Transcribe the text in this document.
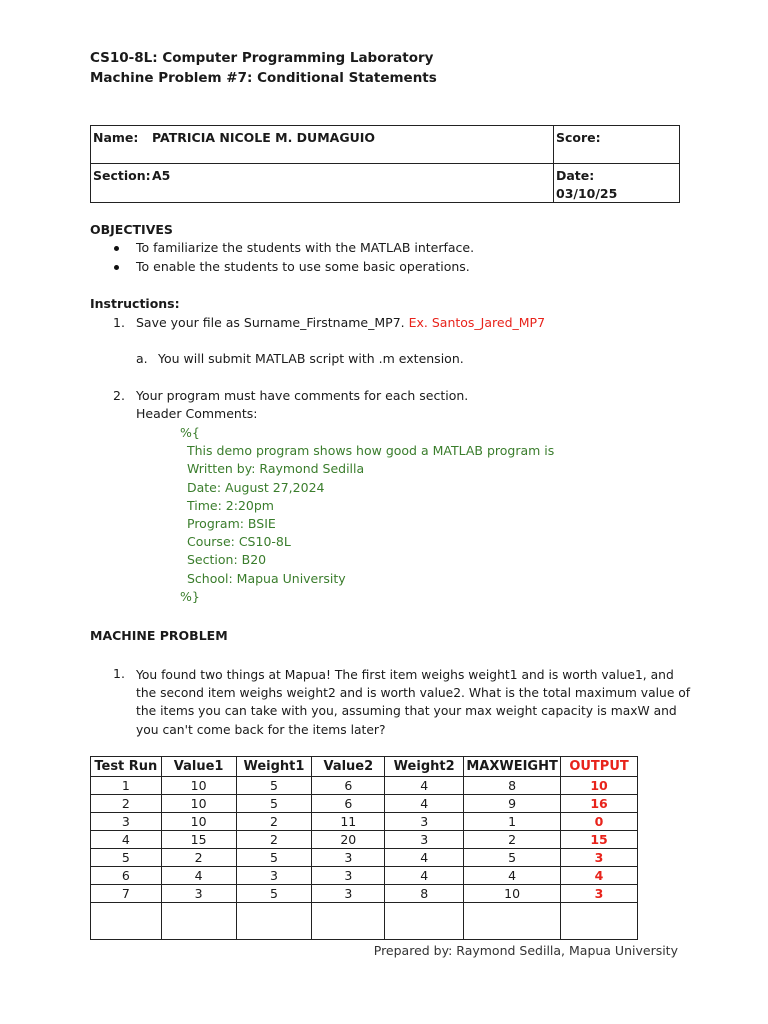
CS10-8L: Computer Programming Laboratory
Machine Problem #7: Conditional Statements
Name: PATRICIA NICOLE M. DUMAGUIO	Score:
Section: A5	Date:
03/10/25
OBJECTIVES
To familiarize the students with the MATLAB interface.
To enable the students to use some basic operations.
Instructions:
1. Save your file as Surname_Firstname_MP7. Ex. Santos_Jared_MP7
a. You will submit MATLAB script with .m extension.
2. Your program must have comments for each section.
Header Comments:
%{
This demo program shows how good a MATLAB program is
Written by: Raymond Sedilla
Date: August 27,2024
Time: 2:20pm
Program: BSIE
Course: CS10-8L
Section: B20
School: Mapua University
%}
MACHINE PROBLEM
1. You found two things at Mapua! The first item weighs weight1 and is worth value1, and
the second item weighs weight2 and is worth value2. What is the total maximum value of
the items you can take with you, assuming that your max weight capacity is maxW and
you can't come back for the items later?
Test Run	Value1	Weight1	Value2	Weight2	MAXWEIGHT	OUTPUT
1	10	5	6	4	8	10
2	10	5	6	4	9	16
3	10	2	11	3	1	0
4	15	2	20	3	2	15
5	2	5	3	4	5	3
6	4	3	3	4	4	4
7	3	5	3	8	10	3

Prepared by: Raymond Sedilla, Mapua University
